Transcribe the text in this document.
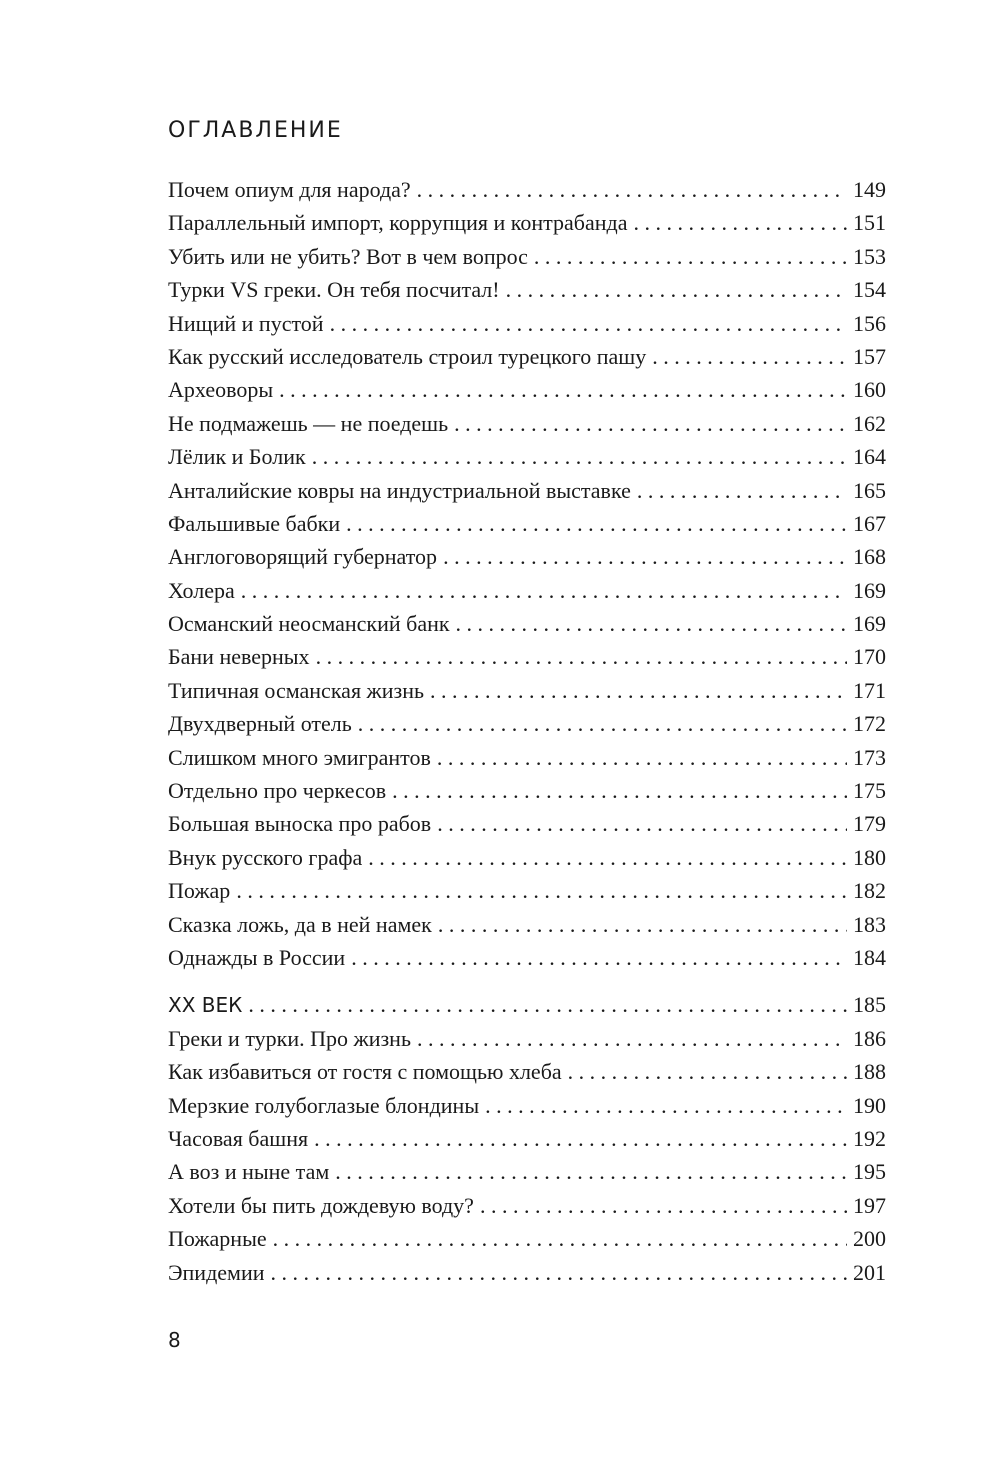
ОГЛАВЛЕНИЕ
Почем опиум для народа? . . .	149
Параллельный импорт, коррупция и контрабанда . . .	151
Убить или не убить? Вот в чем вопрос . . .	153
Турки VS греки. Он тебя посчитал! . . .	154
Нищий и пустой . . .	156
Как русский исследователь строил турецкого пашу . . .	157
Археоворы . . .	160
Не подмажешь — не поедешь . . .	162
Лёлик и Болик . . .	164
Анталийские ковры на индустриальной выставке . . .	165
Фальшивые бабки . . .	167
Англоговорящий губернатор . . .	168
Холера . . .	169
Османский неосманский банк . . .	169
Бани неверных . . .	170
Типичная османская жизнь . . .	171
Двухдверный отель . . .	172
Слишком много эмигрантов . . .	173
Отдельно про черкесов . . .	175
Большая выноска про рабов . . .	179
Внук русского графа . . .	180
Пожар . . .	182
Сказка ложь, да в ней намек . . .	183
Однажды в России . . .	184
XX ВЕК . . .	185
Греки и турки. Про жизнь . . .	186
Как избавиться от гостя с помощью хлеба . . .	188
Мерзкие голубоглазые блондины . . .	190
Часовая башня . . .	192
А воз и ныне там . . .	195
Хотели бы пить дождевую воду? . . .	197
Пожарные . . .	200
Эпидемии . . .	201
8
